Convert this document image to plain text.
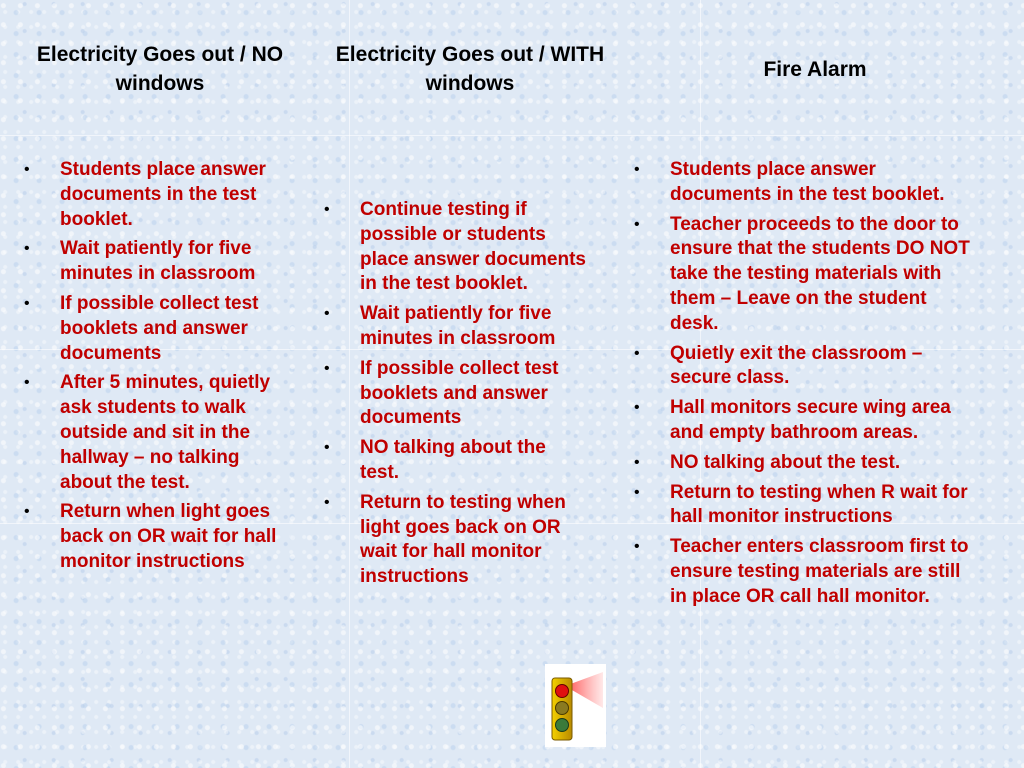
Electricity Goes out / NO windows
• Students place answer documents in the test booklet.
• Wait patiently for five minutes in classroom
• If possible collect test booklets and answer documents
• After 5 minutes, quietly ask students to walk outside and sit in the hallway – no talking about the test.
• Return when light goes back on OR wait for hall monitor instructions
Electricity Goes out / WITH windows
• Continue testing if possible or students place answer documents in the test booklet.
• Wait patiently for five minutes in classroom
• If possible collect test booklets and answer documents
• NO talking about the test.
• Return to testing when light goes back on OR wait for hall monitor instructions
Fire Alarm
• Students place answer documents in the test booklet.
• Teacher proceeds to the door to ensure that the students DO NOT take the testing materials with them – Leave on the student desk.
• Quietly exit the classroom – secure class.
• Hall monitors secure wing area and empty bathroom areas.
• NO talking about the test.
• Return to testing when R wait for hall monitor instructions
• Teacher enters classroom first to ensure testing materials are still in place OR call hall monitor.
